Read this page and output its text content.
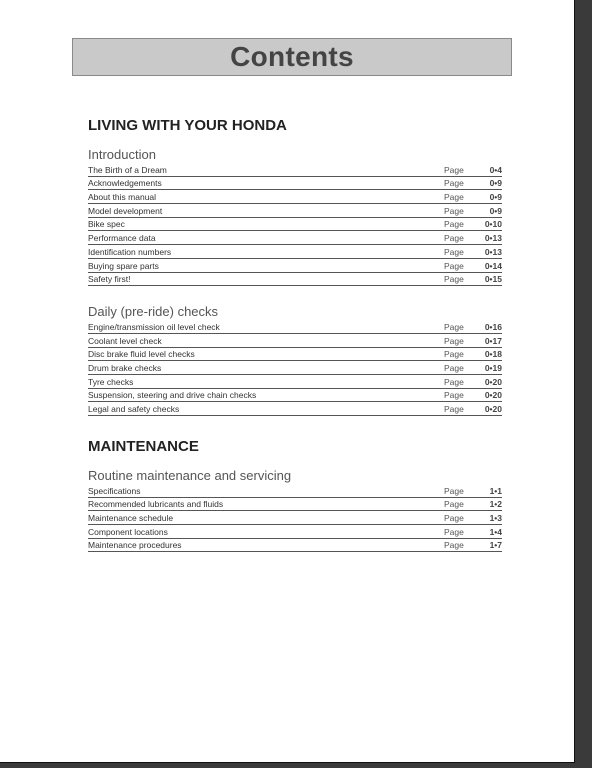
Contents
LIVING WITH YOUR HONDA
Introduction
The Birth of a Dream	Page	0•4
Acknowledgements	Page	0•9
About this manual	Page	0•9
Model development	Page	0•9
Bike spec	Page	0•10
Performance data	Page	0•13
Identification numbers	Page	0•13
Buying spare parts	Page	0•14
Safety first!	Page	0•15
Daily (pre-ride) checks
Engine/transmission oil level check	Page	0•16
Coolant level check	Page	0•17
Disc brake fluid level checks	Page	0•18
Drum brake checks	Page	0•19
Tyre checks	Page	0•20
Suspension, steering and drive chain checks	Page	0•20
Legal and safety checks	Page	0•20
MAINTENANCE
Routine maintenance and servicing
Specifications	Page	1•1
Recommended lubricants and fluids	Page	1•2
Maintenance schedule	Page	1•3
Component locations	Page	1•4
Maintenance procedures	Page	1•7
